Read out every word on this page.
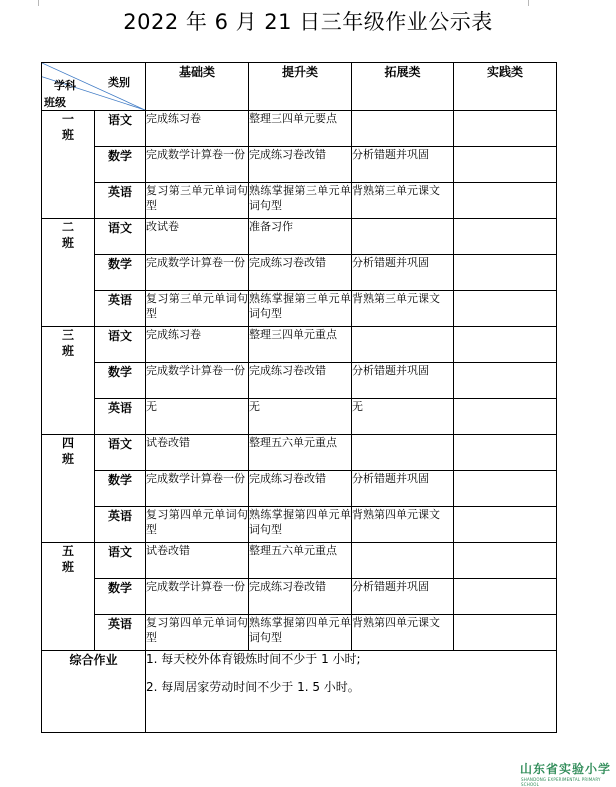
2022 年 6 月 21 日三年级作业公示表
学科 类别
班级		基础类	提升类	拓展类	实践类

一
班	语文	完成练习卷	整理三四单元要点		
	数学	完成数学计算卷一份	完成练习卷改错	分析错题并巩固	
	英语	复习第三单元单词句型	熟练掌握第三单元单词句型	背熟第三单元课文	

二
班	语文	改试卷	准备习作		
	数学	完成数学计算卷一份	完成练习卷改错	分析错题并巩固	
	英语	复习第三单元单词句型	熟练掌握第三单元单词句型	背熟第三单元课文	

三
班	语文	完成练习卷	整理三四单元重点		
	数学	完成数学计算卷一份	完成练习卷改错	分析错题并巩固	
	英语	无	无	无	

四
班	语文	试卷改错	整理五六单元重点		
	数学	完成数学计算卷一份	完成练习卷改错	分析错题并巩固	
	英语	复习第四单元单词句型	熟练掌握第四单元单词句型	背熟第四单元课文	

五
班	语文	试卷改错	整理五六单元重点		
	数学	完成数学计算卷一份	完成练习卷改错	分析错题并巩固	
	英语	复习第四单元单词句型	熟练掌握第四单元单词句型	背熟第四单元课文	
综合作业		1. 每天校外体育锻炼时间不少于 1 小时;

2. 每周居家劳动时间不少于 1. 5 小时。			

山东省实验小学
SHANDONG EXPERIMENTAL PRIMARY SCHOOL
